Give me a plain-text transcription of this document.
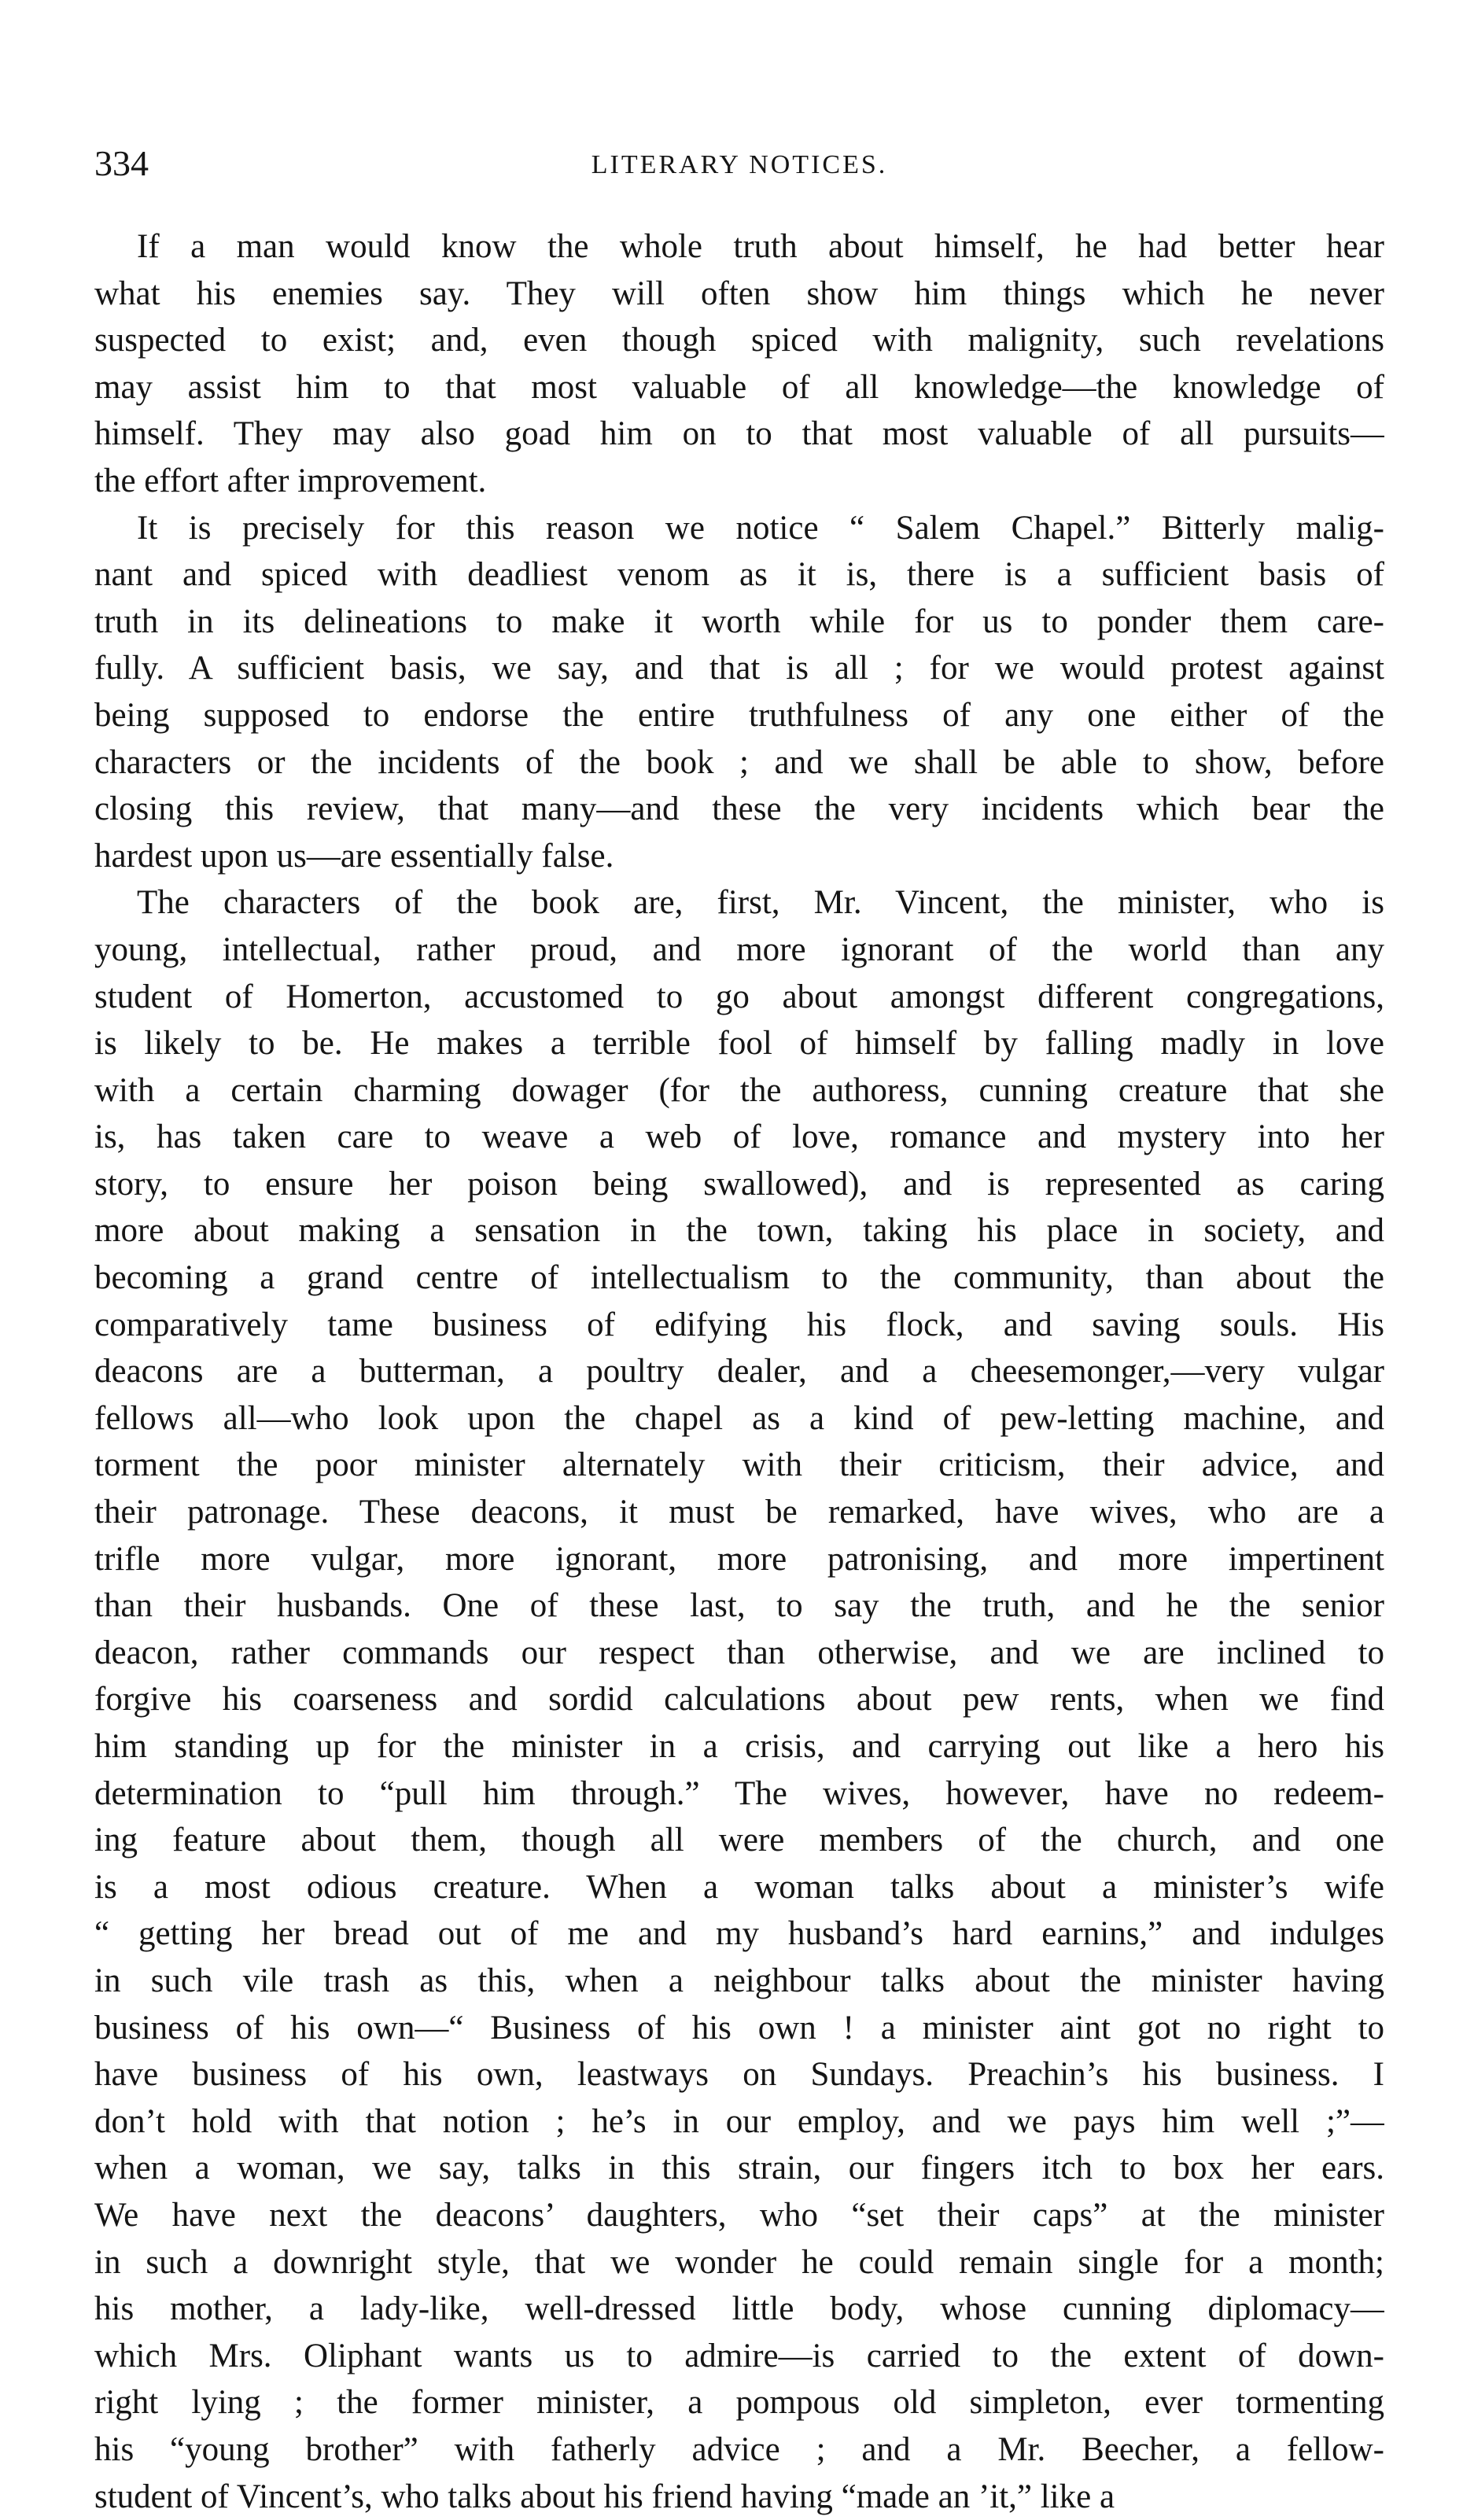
334	LITERARY NOTICES.
If a man would know the whole truth about himself, he had better hear
what his enemies say. They will often show him things which he never
suspected to exist; and, even though spiced with malignity, such revelations
may assist him to that most valuable of all knowledge—the knowledge of
himself. They may also goad him on to that most valuable of all pursuits—
the effort after improvement.
It is precisely for this reason we notice “ Salem Chapel.” Bitterly malig-
nant and spiced with deadliest venom as it is, there is a sufficient basis of
truth in its delineations to make it worth while for us to ponder them care-
fully. A sufficient basis, we say, and that is all ; for we would protest against
being supposed to endorse the entire truthfulness of any one either of the
characters or the incidents of the book ; and we shall be able to show, before
closing this review, that many—and these the very incidents which bear the
hardest upon us—are essentially false.
The characters of the book are, first, Mr. Vincent, the minister, who is
young, intellectual, rather proud, and more ignorant of the world than any
student of Homerton, accustomed to go about amongst different congregations,
is likely to be. He makes a terrible fool of himself by falling madly in love
with a certain charming dowager (for the authoress, cunning creature that she
is, has taken care to weave a web of love, romance and mystery into her
story, to ensure her poison being swallowed), and is represented as caring
more about making a sensation in the town, taking his place in society, and
becoming a grand centre of intellectualism to the community, than about the
comparatively tame business of edifying his flock, and saving souls. His
deacons are a butterman, a poultry dealer, and a cheesemonger,—very vulgar
fellows all—who look upon the chapel as a kind of pew-letting machine, and
torment the poor minister alternately with their criticism, their advice, and
their patronage. These deacons, it must be remarked, have wives, who are a
trifle more vulgar, more ignorant, more patronising, and more impertinent
than their husbands. One of these last, to say the truth, and he the senior
deacon, rather commands our respect than otherwise, and we are inclined to
forgive his coarseness and sordid calculations about pew rents, when we find
him standing up for the minister in a crisis, and carrying out like a hero his
determination to “pull him through.” The wives, however, have no redeem-
ing feature about them, though all were members of the church, and one
is a most odious creature. When a woman talks about a minister’s wife
“ getting her bread out of me and my husband’s hard earnins,” and indulges
in such vile trash as this, when a neighbour talks about the minister having
business of his own—“ Business of his own ! a minister aint got no right to
have business of his own, leastways on Sundays. Preachin’s his business. I
don’t hold with that notion ; he’s in our employ, and we pays him well ;”—
when a woman, we say, talks in this strain, our fingers itch to box her ears.
We have next the deacons’ daughters, who “set their caps” at the minister
in such a downright style, that we wonder he could remain single for a month;
his mother, a lady-like, well-dressed little body, whose cunning diplomacy—
which Mrs. Oliphant wants us to admire—is carried to the extent of down-
right lying ; the former minister, a pompous old simpleton, ever tormenting
his “young brother” with fatherly advice ; and a Mr. Beecher, a fellow-
student of Vincent’s, who talks about his friend having “made an ’it,” like a
